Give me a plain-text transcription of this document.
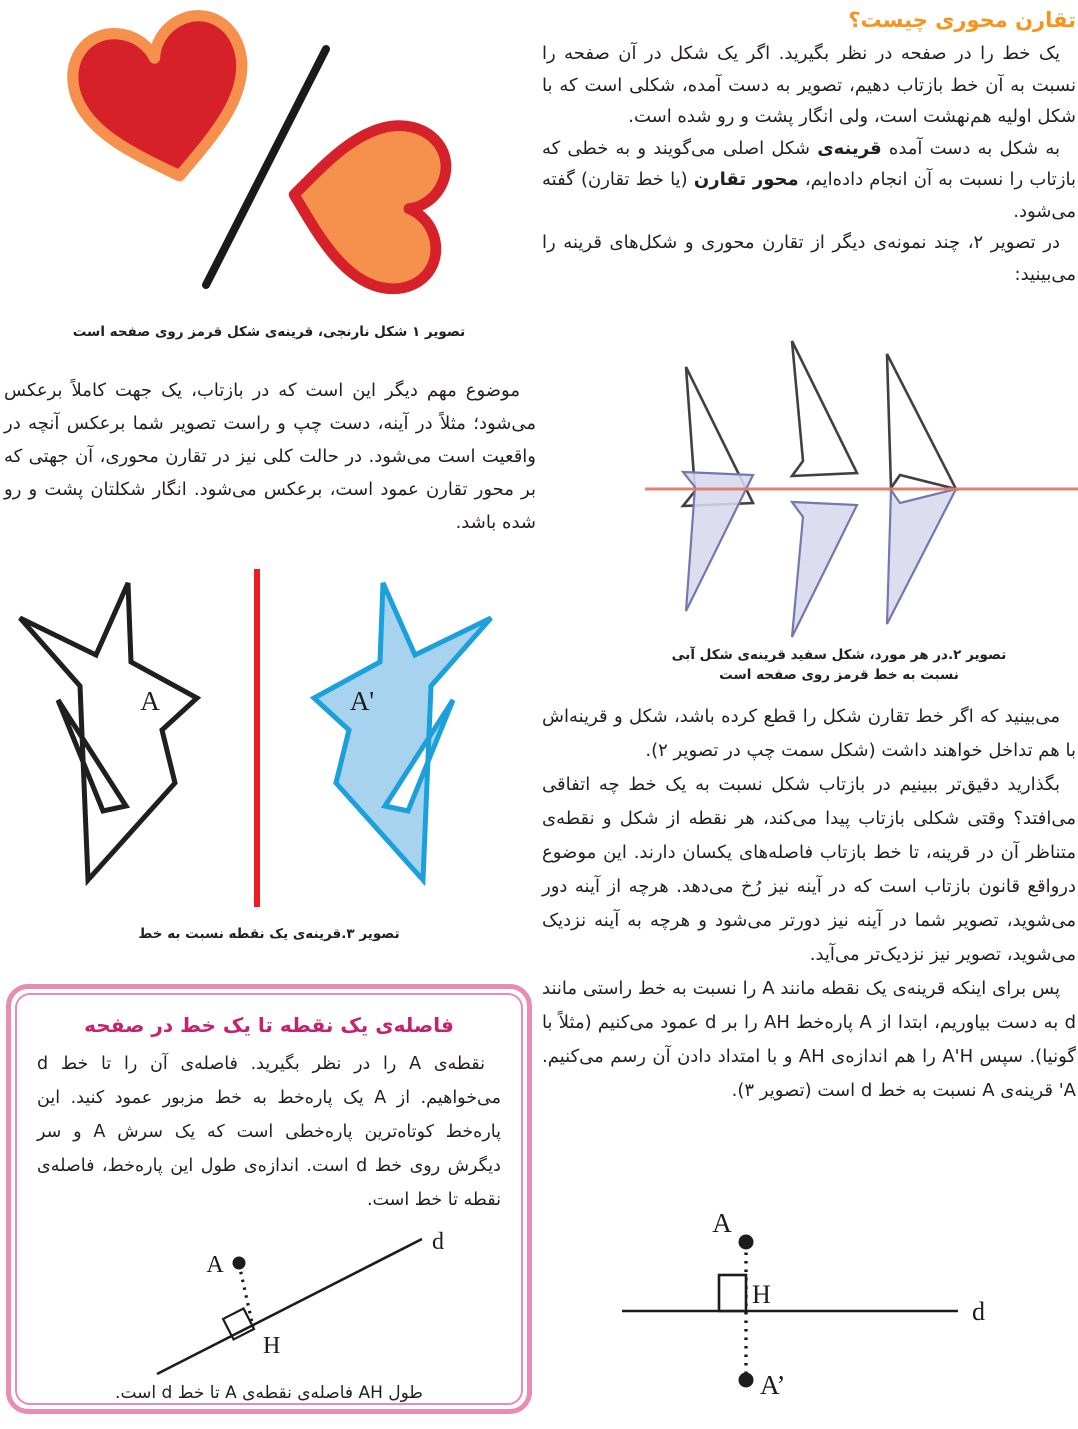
تصویر ۱ شکل نارنجی، قرینه‌ی شکل قرمز روی صفحه است

موضوع مهم دیگر این است که در بازتاب، یک جهت کاملاً برعکس می‌شود؛ مثلاً در آینه، دست چپ و راست تصویر شما برعکس آنچه در واقعیت است می‌شود. در حالت کلی نیز در تقارن محوری، آن جهتی که بر محور تقارن عمود است، برعکس می‌شود. انگار شکلتان پشت و رو شده باشد.

A	A'
تصویر ۳.قرینه‌ی یک نقطه نسبت به خط
فاصله‌ی یک نقطه تا یک خط در صفحه

نقطه‌ی A را در نظر بگیرید. فاصله‌ی آن را تا خط d می‌خواهیم. از A یک پاره‌خط به خط مزبور عمود کنید. این پاره‌خط کوتاه‌ترین پاره‌خطی است که یک سرش A و سر دیگرش روی خط d است. اندازه‌ی طول این پاره‌خط، فاصله‌ی نقطه تا خط است.

d
A
H
طول AH فاصله‌ی نقطه‌ی A تا خط d است.
تقارن محوری چیست؟

یک خط را در صفحه در نظر بگیرید. اگر یک شکل در آن صفحه را نسبت به آن خط بازتاب دهیم، تصویر به دست آمده، شکلی است که با شکل اولیه هم‌نهشت است، ولی انگار پشت و رو شده است.

به شکل به دست آمده قرینه‌ی شکل اصلی می‌گویند و به خطی که بازتاب را نسبت به آن انجام داده‌ایم، محور تقارن (یا خط تقارن) گفته می‌شود.

در تصویر ۲، چند نمونه‌ی دیگر از تقارن محوری و شکل‌های قرینه را می‌بینید:

تصویر ۲.در هر مورد، شکل سفید قرینه‌ی شکل آبی
نسبت به خط قرمز روی صفحه است

می‌بینید که اگر خط تقارن شکل را قطع کرده باشد، شکل و قرینه‌اش با هم تداخل خواهند داشت (شکل سمت چپ در تصویر ۲).

بگذارید دقیق‌تر ببینیم در بازتاب شکل نسبت به یک خط چه اتفاقی می‌افتد؟ وقتی شکلی بازتاب پیدا می‌کند، هر نقطه از شکل و نقطه‌ی متناظر آن در قرینه، تا خط بازتاب فاصله‌های یکسان دارند. این موضوع درواقع قانون بازتاب است که در آینه نیز رُخ می‌دهد. هرچه از آینه دور می‌شوید، تصویر شما در آینه نیز دورتر می‌شود و هرچه به آینه نزدیک می‌شوید، تصویر نیز نزدیک‌تر می‌آید.

پس برای اینکه قرینه‌ی یک نقطه مانند A را نسبت به خط راستی مانند d به دست بیاوریم، ابتدا از A پاره‌خط AH را بر d عمود می‌کنیم (مثلاً با گونیا). سپس A'H را هم اندازه‌ی AH و با امتداد دادن آن رسم می‌کنیم. A' قرینه‌ی A نسبت به خط d است (تصویر ۳).

d
A
H
A’
